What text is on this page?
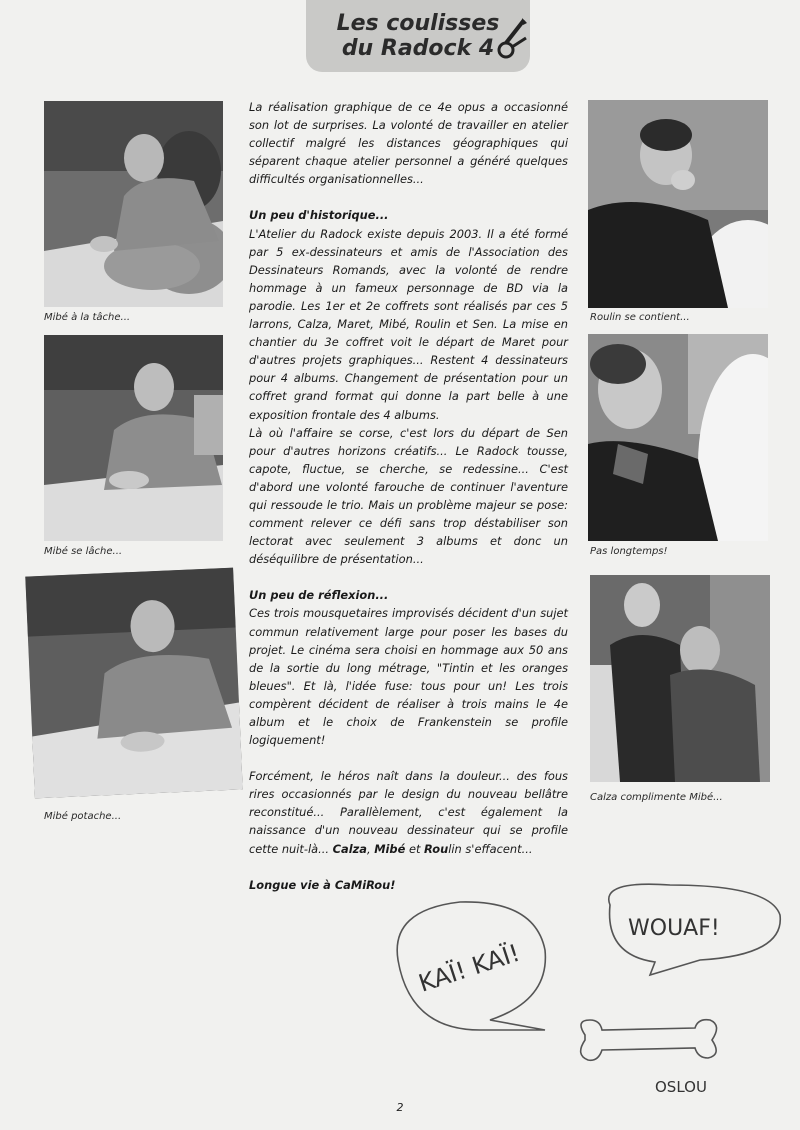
Les coulisses
du Radock 4
Mibé à la tâche...
Mibé se lâche...
Mibé potache...
Roulin se contient...
Pas longtemps!
Calza complimente Mibé...

La réalisation graphique de ce 4e opus a occasionné son lot de surprises. La volonté de travailler en atelier collectif malgré les distances géographiques qui séparent chaque atelier personnel a généré quelques difficultés organisationnelles...

Un peu d'historique...

L'Atelier du Radock existe depuis 2003. Il a été formé par 5 ex-dessinateurs et amis de l'Association des Dessinateurs Romands, avec la volonté de rendre hommage à un fameux personnage de BD via la parodie. Les 1er et 2e coffrets sont réalisés par ces 5 larrons, Calza, Maret, Mibé, Roulin et Sen. La mise en chantier du 3e coffret voit le départ de Maret pour d'autres projets graphiques... Restent 4 dessinateurs pour 4 albums. Changement de présentation pour un coffret grand format qui donne la part belle à une exposition frontale des 4 albums.

Là où l'affaire se corse, c'est lors du départ de Sen pour d'autres horizons créatifs... Le Radock tousse, capote, fluctue, se cherche, se redessine... C'est d'abord une volonté farouche de continuer l'aventure qui ressoude le trio. Mais un problème majeur se pose: comment relever ce défi sans trop déstabiliser son lectorat avec seulement 3 albums et donc un déséquilibre de présentation...

Un peu de réflexion...

Ces trois mousquetaires improvisés décident d'un sujet commun relativement large pour poser les bases du projet. Le cinéma sera choisi en hommage aux 50 ans de la sortie du long métrage, "Tintin et les oranges bleues". Et là, l'idée fuse: tous pour un! Les trois compèrent décident de réaliser à trois mains le 4e album et le choix de Frankenstein se profile logiquement!

Forcément, le héros naît dans la douleur... des fous rires occasionnés par le design du nouveau bellâtre reconstitué... Parallèlement, c'est également la naissance d'un nouveau dessinateur qui se profile cette nuit-là... Calza, Mibé et Roulin s'effacent...

Longue vie à CaMiRou!

KAÏ! KAÏ!
WOUAF!
OSLOU
2
